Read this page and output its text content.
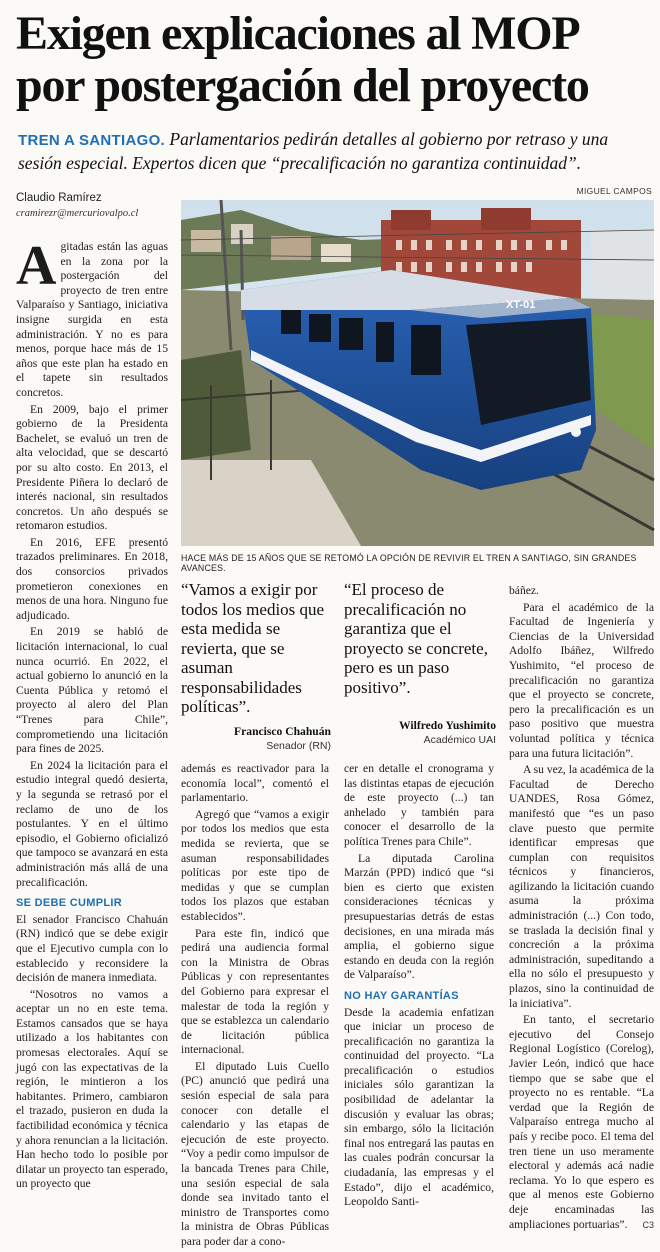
Exigen explicaciones al MOP
por postergación del proyecto
TREN A SANTIAGO. Parlamentarios pedirán detalles al gobierno por retraso y una sesión especial. Expertos dicen que “precalificación no garantiza continuidad”.
Claudio Ramírez
cramirezr@mercuriovalpo.cl
MIGUEL CAMPOS
XT-01
HACE MÁS DE 15 AÑOS QUE SE RETOMÓ LA OPCIÓN DE REVIVIR EL TREN A SANTIAGO, SIN GRANDES AVANCES.
“Vamos a exigir por todos los medios que esta medida se revierta, que se asuman responsabilidades políticas”.
Francisco Chahuán
Senador (RN)
“El proceso de precalificación no garantiza que el proyecto se concrete, pero es un paso positivo”.
Wilfredo Yushimito
Académico UAI

Agitadas están las aguas en la zona por la postergación del proyecto de tren entre Valparaíso y Santiago, iniciativa insigne surgida en esta administración. Y no es para menos, porque hace más de 15 años que este plan ha estado en el tapete sin resultados concretos.

En 2009, bajo el primer gobierno de la Presidenta Bachelet, se evaluó un tren de alta velocidad, que se descartó por su alto costo. En 2013, el Presidente Piñera lo declaró de interés nacional, sin resultados concretos. Un año después se retomaron estudios.

En 2016, EFE presentó trazados preliminares. En 2018, dos consorcios privados prometieron conexiones en menos de una hora. Ninguno fue adjudicado.

En 2019 se habló de licitación internacional, lo cual nunca ocurrió. En 2022, el actual gobierno lo anunció en la Cuenta Pública y retomó el proyecto al alero del Plan “Trenes para Chile”, comprometiendo una licitación para fines de 2025.

En 2024 la licitación para el estudio integral quedó desierta, y la segunda se retrasó por el reclamo de uno de los postulantes. Y en el último episodio, el Gobierno oficializó que tampoco se avanzará en esta administración más allá de una precalificación.

SE DEBE CUMPLIR

El senador Francisco Chahuán (RN) indicó que se debe exigir que el Ejecutivo cumpla con lo establecido y reconsidere la decisión de manera inmediata.

“Nosotros no vamos a aceptar un no en este tema. Estamos cansados que se haya utilizado a los habitantes con promesas electorales. Aquí se jugó con las expectativas de la región, le mintieron a los habitantes. Primero, cambiaron el trazado, pusieron en duda la factibilidad económica y técnica y ahora renuncian a la licitación. Han hecho todo lo posible por dilatar un proyecto tan esperado, un proyecto que

además es reactivador para la economía local”, comentó el parlamentario.

Agregó que “vamos a exigir por todos los medios que esta medida se revierta, que se asuman responsabilidades políticas por este tipo de medidas y que se cumplan todos los plazos que estaban establecidos”.

Para este fin, indicó que pedirá una audiencia formal con la Ministra de Obras Públicas y con representantes del Gobierno para expresar el malestar de toda la región y que se establezca un calendario de licitación pública internacional.

El diputado Luis Cuello (PC) anunció que pedirá una sesión especial de sala para conocer con detalle el calendario y las etapas de ejecución de este proyecto. “Voy a pedir como impulsor de la bancada Trenes para Chile, una sesión especial de sala donde sea invitado tanto el ministro de Transportes como la ministra de Obras Públicas para poder dar a cono-

cer en detalle el cronograma y las distintas etapas de ejecución de este proyecto (...) tan anhelado y también para conocer el desarrollo de la política Trenes para Chile”.

La diputada Carolina Marzán (PPD) indicó que “si bien es cierto que existen consideraciones técnicas y presupuestarias detrás de estas decisiones, en una mirada más amplia, el gobierno sigue estando en deuda con la región de Valparaíso”.

NO HAY GARANTÍAS

Desde la academia enfatizan que iniciar un proceso de precalificación no garantiza la continuidad del proyecto. “La precalificación o estudios iniciales sólo garantizan la posibilidad de adelantar la discusión y evaluar las obras; sin embargo, sólo la licitación final nos entregará las pautas en las cuales podrán concursar la ciudadanía, las empresas y el Estado”, dijo el académico, Leopoldo Santi-

báñez.

Para el académico de la Facultad de Ingeniería y Ciencias de la Universidad Adolfo Ibáñez, Wilfredo Yushimito, “el proceso de precalificación no garantiza que el proyecto se concrete, pero la precalificación es un paso positivo que muestra voluntad política y técnica para una futura licitación”.

A su vez, la académica de la Facultad de Derecho UANDES, Rosa Gómez, manifestó que “es un paso clave puesto que permite identificar empresas que cumplan con requisitos técnicos y financieros, agilizando la licitación cuando asuma la próxima administración (...) Con todo, se traslada la decisión final y concreción a la próxima administración, supeditando a ella no sólo el presupuesto y plazos, sino la continuidad de la iniciativa”.

En tanto, el secretario ejecutivo del Consejo Regional Logístico (Corelog), Javier León, indicó que hace tiempo que se sabe que el proyecto no es rentable. “La verdad que la Región de Valparaíso entrega mucho al país y recibe poco. El tema del tren tiene un uso meramente electoral y además acá nadie reclama. Yo lo que espero es que al menos este Gobierno deje encaminadas las ampliaciones portuarias”.	C3
